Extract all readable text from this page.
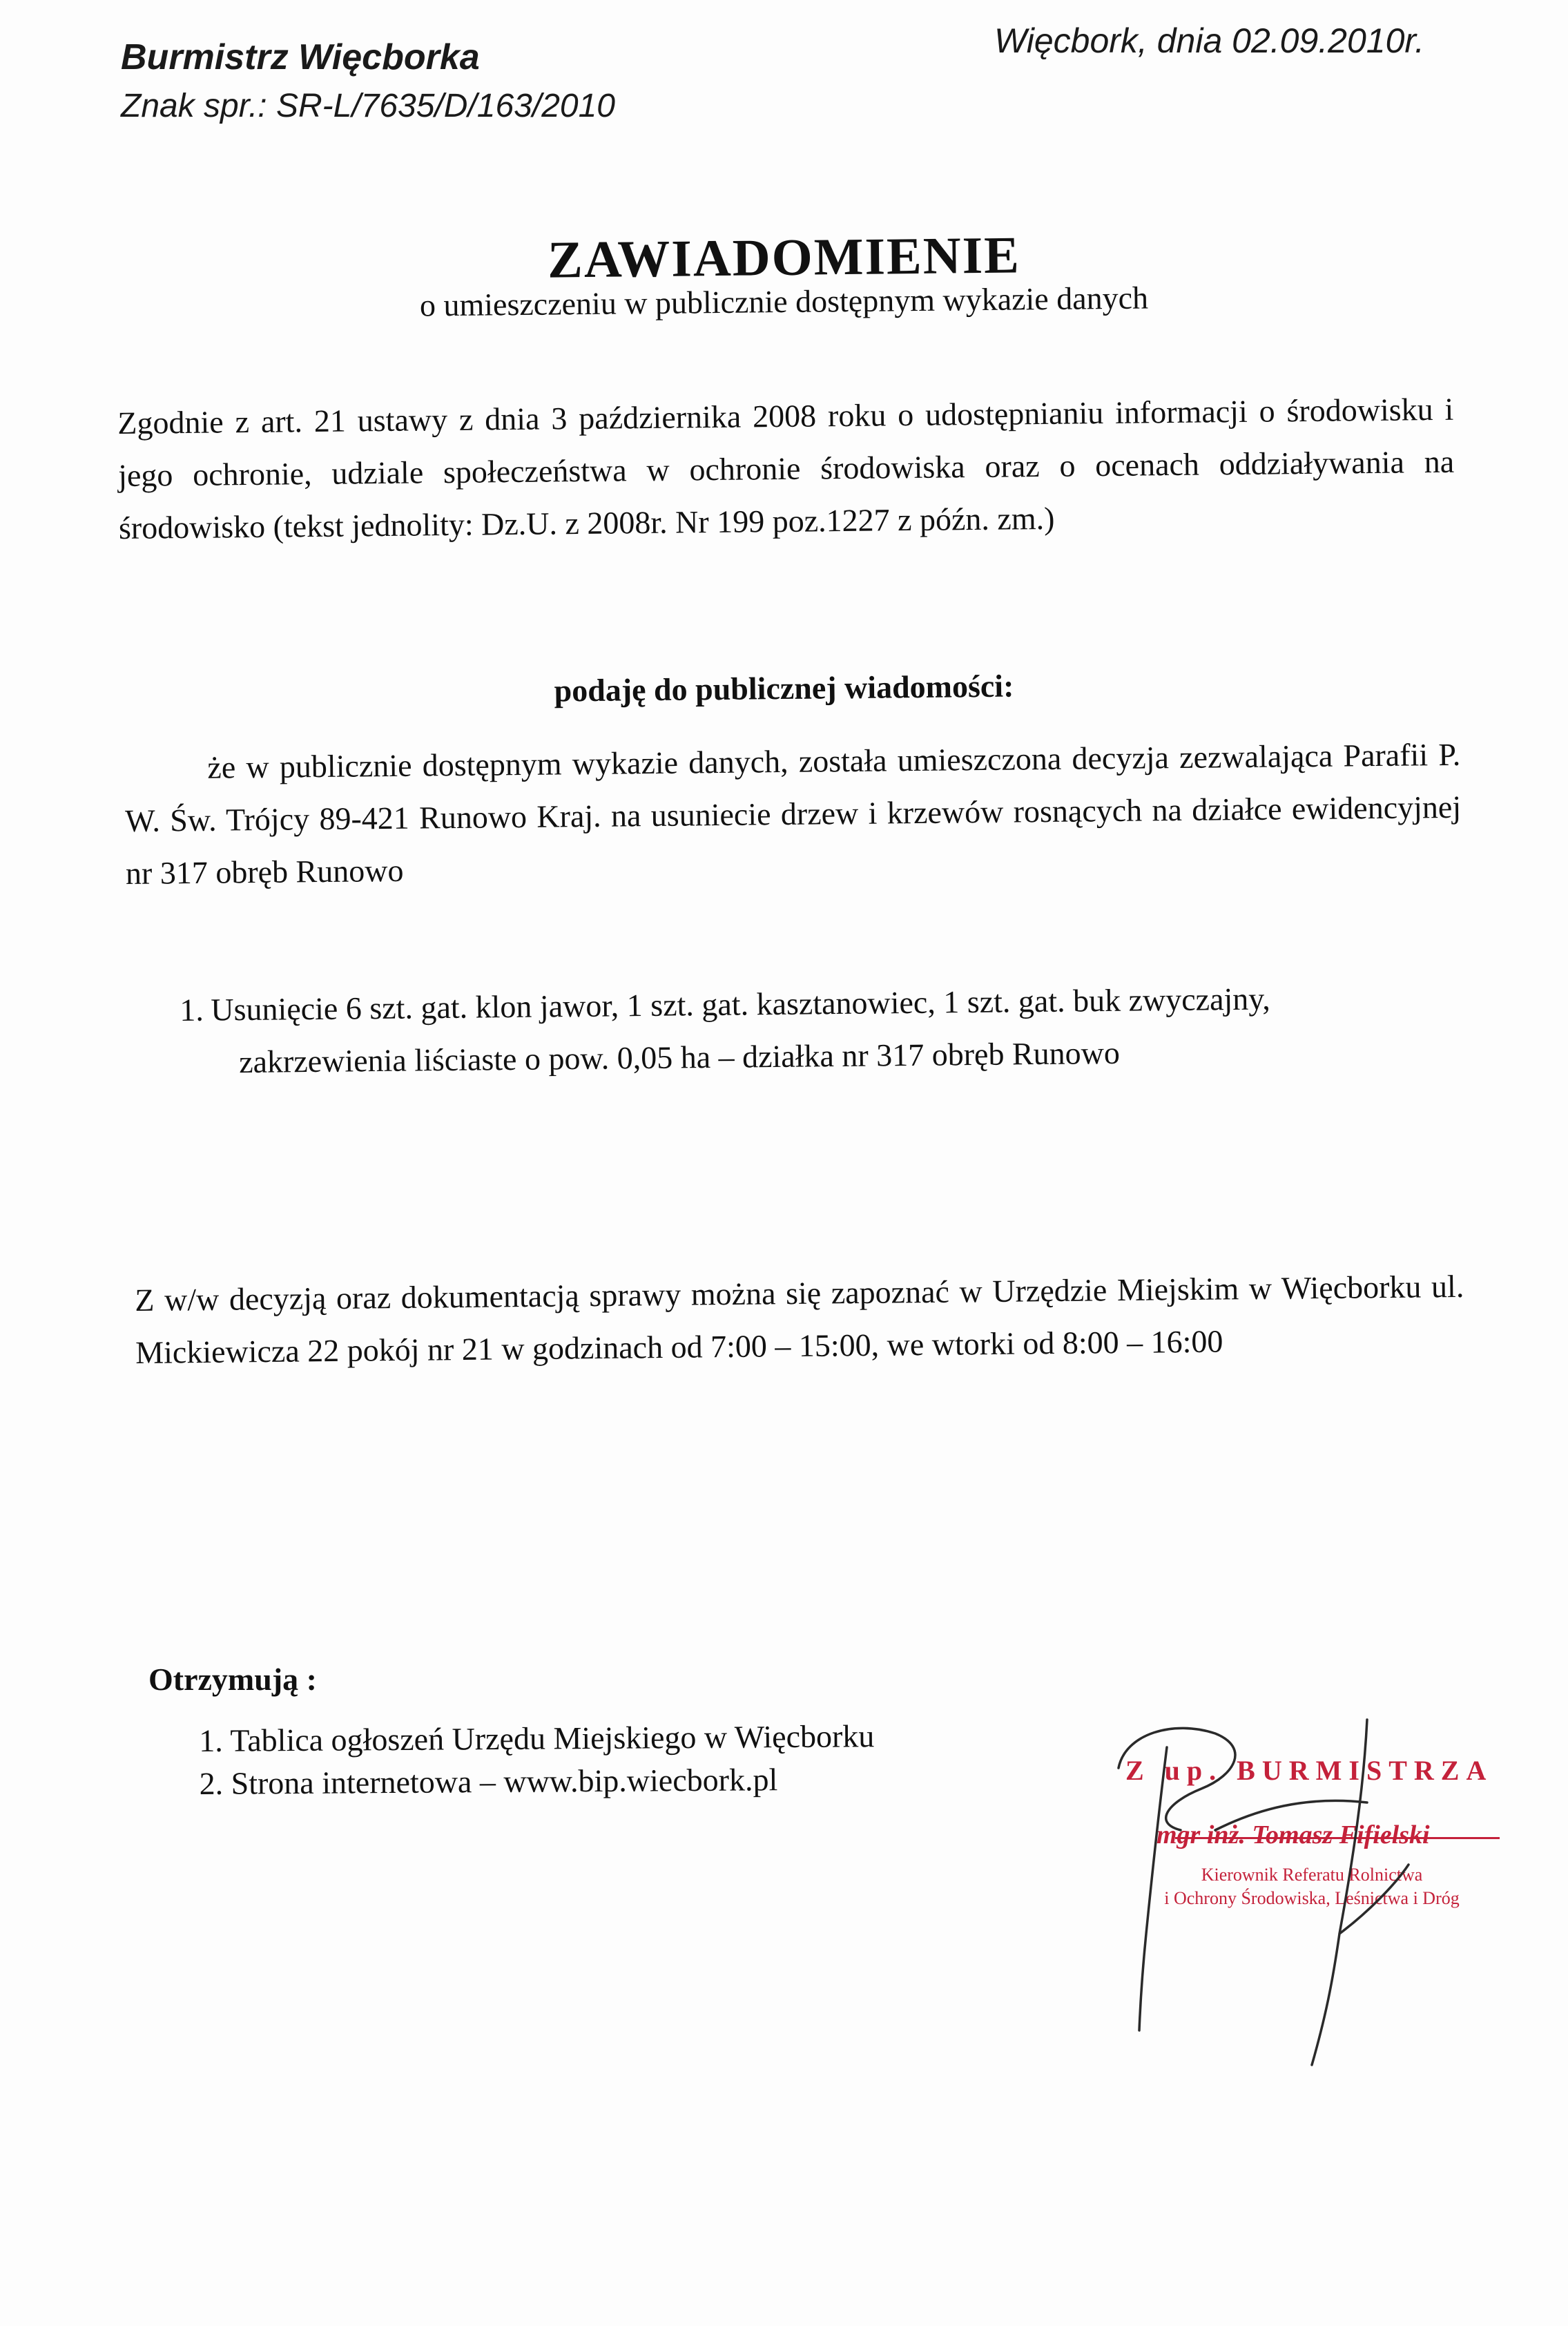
Burmistrz Więcborka
Znak spr.: SR-L/7635/D/163/2010
Więcbork, dnia 02.09.2010r.
ZAWIADOMIENIE
o umieszczeniu w publicznie dostępnym wykazie danych
Zgodnie z art. 21 ustawy z dnia 3 października 2008 roku o udostępnianiu informacji o środowisku i jego ochronie, udziale społeczeństwa w ochronie środowiska oraz o ocenach oddziaływania na środowisko (tekst jednolity: Dz.U. z 2008r. Nr 199 poz.1227 z późn. zm.)
podaję do publicznej wiadomości:
że w publicznie dostępnym wykazie danych, została umieszczona decyzja zezwalająca Parafii P. W. Św. Trójcy 89-421 Runowo Kraj. na usuniecie drzew i krzewów rosnących na działce ewidencyjnej nr 317 obręb Runowo
1. Usunięcie 6 szt. gat. klon jawor, 1 szt. gat. kasztanowiec, 1 szt. gat. buk zwyczajny,
zakrzewienia liściaste o pow. 0,05 ha – działka nr 317 obręb Runowo
Z w/w decyzją oraz dokumentacją sprawy można się zapoznać w Urzędzie Miejskim w Więcborku ul. Mickiewicza 22 pokój nr 21 w godzinach od 7:00 – 15:00, we wtorki od 8:00 – 16:00
Otrzymują :
1. Tablica ogłoszeń Urzędu Miejskiego w Więcborku
2. Strona internetowa – www.bip.wiecbork.pl	Z up. BURMISTRZA
mgr inż. Tomasz Fifielski
Kierownik Referatu Rolnictwa
i Ochrony Środowiska, Leśnictwa i Dróg
